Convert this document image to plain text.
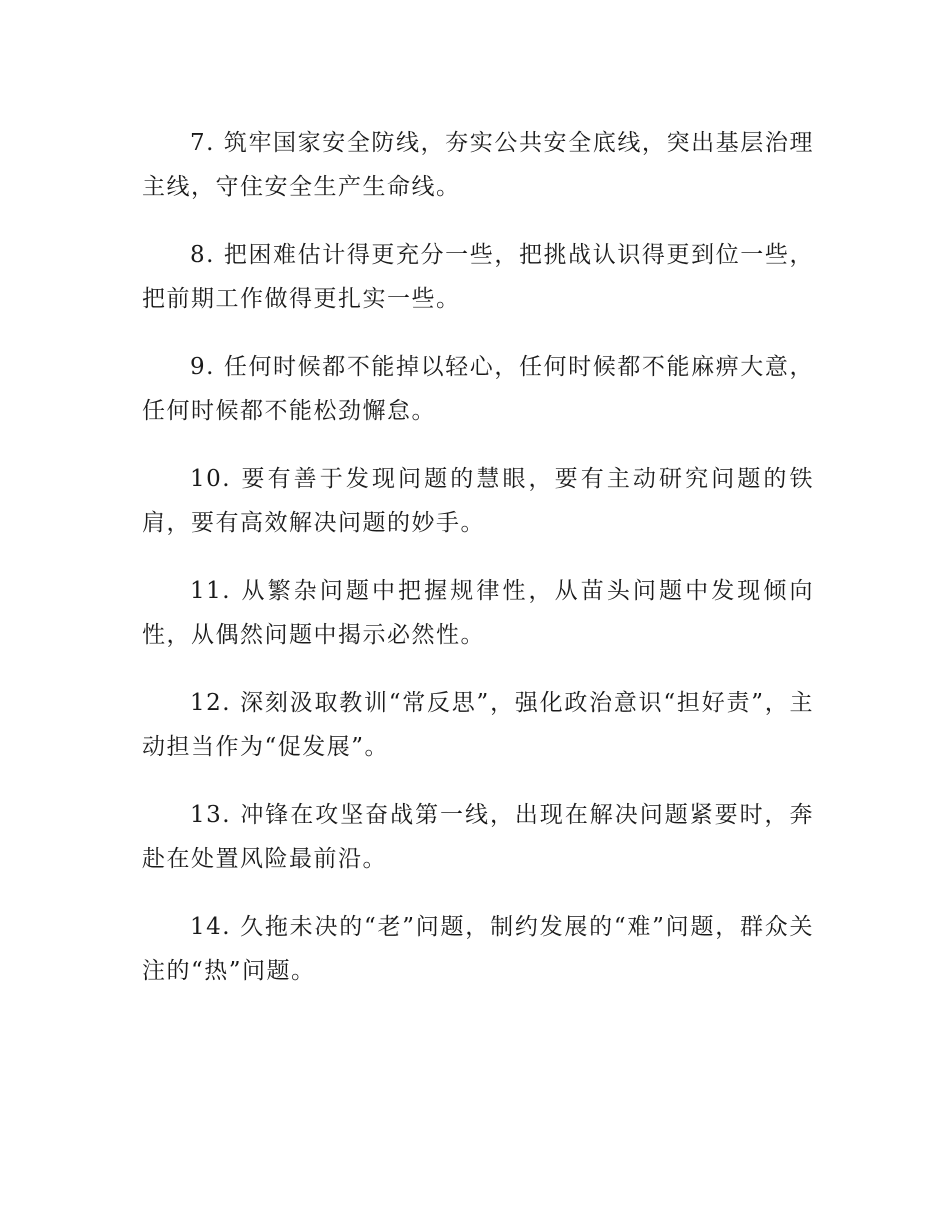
7. 筑牢国家安全防线，夯实公共安全底线，突出基层治理主线，守住安全生产生命线。

8. 把困难估计得更充分一些，把挑战认识得更到位一些，把前期工作做得更扎实一些。

9. 任何时候都不能掉以轻心，任何时候都不能麻痹大意，任何时候都不能松劲懈怠。

10. 要有善于发现问题的慧眼，要有主动研究问题的铁肩，要有高效解决问题的妙手。

11. 从繁杂问题中把握规律性，从苗头问题中发现倾向性，从偶然问题中揭示必然性。

12. 深刻汲取教训“常反思”，强化政治意识“担好责”，主动担当作为“促发展”。

13. 冲锋在攻坚奋战第一线，出现在解决问题紧要时，奔赴在处置风险最前沿。

14. 久拖未决的“老”问题，制约发展的“难”问题，群众关注的“热”问题。
